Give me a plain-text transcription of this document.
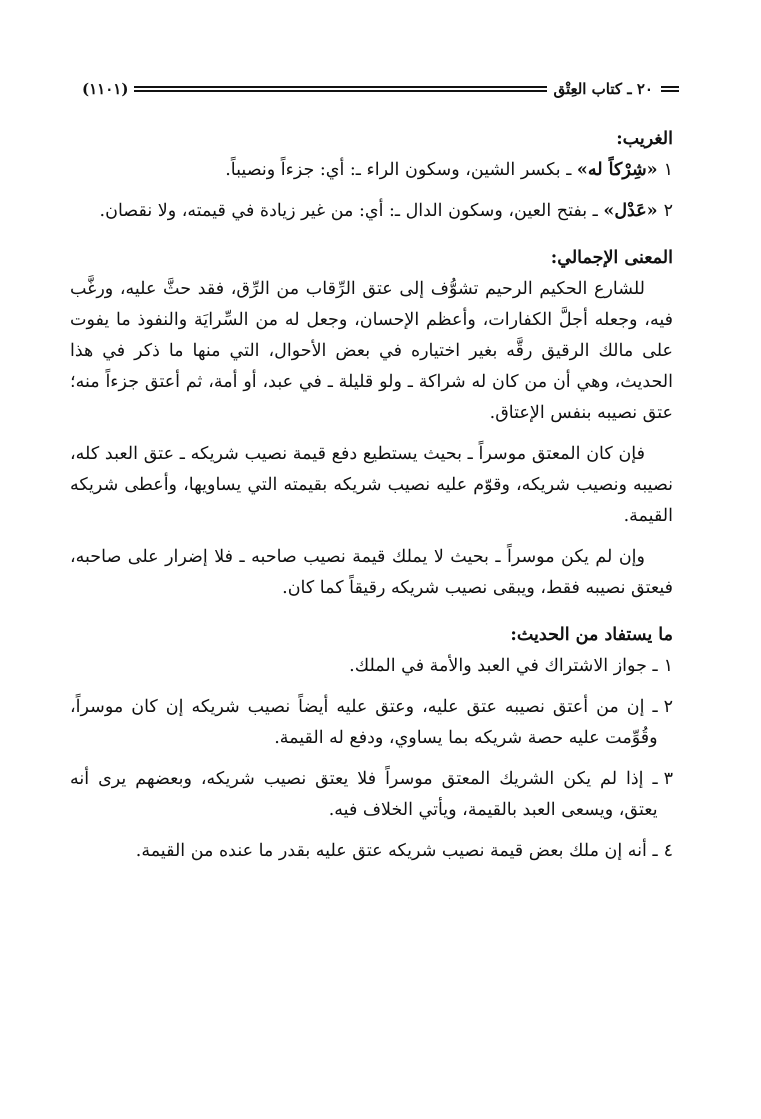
٢٠ ـ كتاب العِتْق
(١١٠١)
الغريب:
١
«شِرْكاً له» ـ بكسر الشين، وسكون الراء ـ: أي: جزءاً ونصيباً.
٢
«عَدْل» ـ بفتح العين، وسكون الدال ـ: أي: من غير زيادة في قيمته، ولا نقصان.
المعنى الإجمالي:

للشارع الحكيم الرحيم تشوُّف إلى عتق الرِّقاب من الرِّق، فقد حثَّ عليه، ورغَّب فيه، وجعله أجلَّ الكفارات، وأعظم الإحسان، وجعل له من السِّرايَة والنفوذ ما يفوت على مالك الرقيق رقَّه بغير اختياره في بعض الأحوال، التي منها ما ذكر في هذا الحديث، وهي أن من كان له شراكة ـ ولو قليلة ـ في عبد، أو أمة، ثم أعتق جزءاً منه؛ عتق نصيبه بنفس الإعتاق.

فإن كان المعتق موسراً ـ بحيث يستطيع دفع قيمة نصيب شريكه ـ عتق العبد كله، نصيبه ونصيب شريكه، وقوّم عليه نصيب شريكه بقيمته التي يساويها، وأعطى شريكه القيمة.

وإن لم يكن موسراً ـ بحيث لا يملك قيمة نصيب صاحبه ـ فلا إضرار على صاحبه، فيعتق نصيبه فقط، ويبقى نصيب شريكه رقيقاً كما كان.

ما يستفاد من الحديث:
١
ـ جواز الاشتراك في العبد والأمة في الملك.
٢
ـ إن من أعتق نصيبه عتق عليه، وعتق عليه أيضاً نصيب شريكه إن كان موسراً، وقُوِّمت عليه حصة شريكه بما يساوي، ودفع له القيمة.
٣
ـ إذا لم يكن الشريك المعتق موسراً فلا يعتق نصيب شريكه، وبعضهم يرى أنه يعتق، ويسعى العبد بالقيمة، ويأتي الخلاف فيه.
٤
ـ أنه إن ملك بعض قيمة نصيب شريكه عتق عليه بقدر ما عنده من القيمة.
